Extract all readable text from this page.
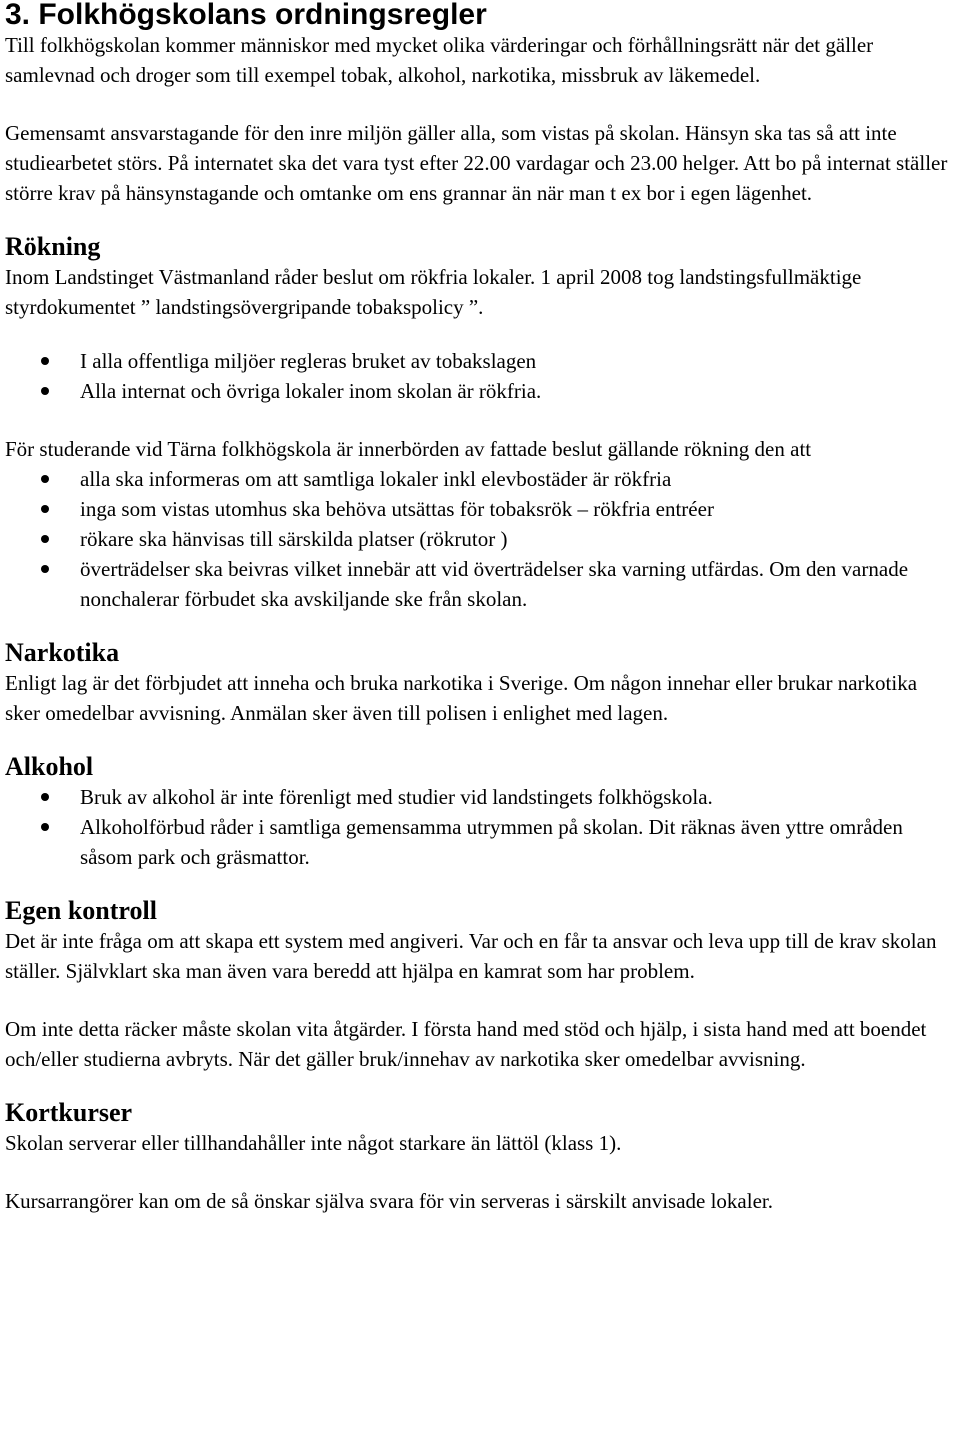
3. Folkhögskolans ordningsregler

Till folkhögskolan kommer människor med mycket olika värderingar och förhållningsrätt när det gäller samlevnad och droger som till exempel tobak, alkohol, narkotika, missbruk av läkemedel.

Gemensamt ansvarstagande för den inre miljön gäller alla, som vistas på skolan. Hänsyn ska tas så att inte studiearbetet störs. På internatet ska det vara tyst efter 22.00 vardagar och 23.00 helger. Att bo på internat ställer större krav på hänsynstagande och omtanke om ens grannar än när man t ex bor i egen lägenhet.

Rökning

Inom Landstinget Västmanland råder beslut om rökfria lokaler. 1 april 2008 tog landstingsfullmäktige styrdokumentet ” landstingsövergripande tobakspolicy ”.

I alla offentliga miljöer regleras bruket av tobakslagen
Alla internat och övriga lokaler inom skolan är rökfria.

För studerande vid Tärna folkhögskola är innerbörden av fattade beslut gällande rökning den att

alla ska informeras om att samtliga lokaler inkl elevbostäder är rökfria
inga som vistas utomhus ska behöva utsättas för tobaksrök – rökfria entréer
rökare ska hänvisas till särskilda platser (rökrutor )
överträdelser ska beivras vilket innebär att vid överträdelser ska varning utfärdas. Om den varnade nonchalerar förbudet ska avskiljande ske från skolan.
Narkotika

Enligt lag är det förbjudet att inneha och bruka narkotika i Sverige. Om någon innehar eller brukar narkotika sker omedelbar avvisning. Anmälan sker även till polisen i enlighet med lagen.

Alkohol
Bruk av alkohol är inte förenligt med studier vid landstingets folkhögskola.
Alkoholförbud råder i samtliga gemensamma utrymmen på skolan. Dit räknas även yttre områden såsom park och gräsmattor.
Egen kontroll

Det är inte fråga om att skapa ett system med angiveri. Var och en får ta ansvar och leva upp till de krav skolan ställer. Självklart ska man även vara beredd att hjälpa en kamrat som har problem.

Om inte detta räcker måste skolan vita åtgärder. I första hand med stöd och hjälp, i sista hand med att boendet och/eller studierna avbryts. När det gäller bruk/innehav av narkotika sker omedelbar avvisning.

Kortkurser

Skolan serverar eller tillhandahåller inte något starkare än lättöl (klass 1).

Kursarrangörer kan om de så önskar själva svara för vin serveras i särskilt anvisade lokaler.
